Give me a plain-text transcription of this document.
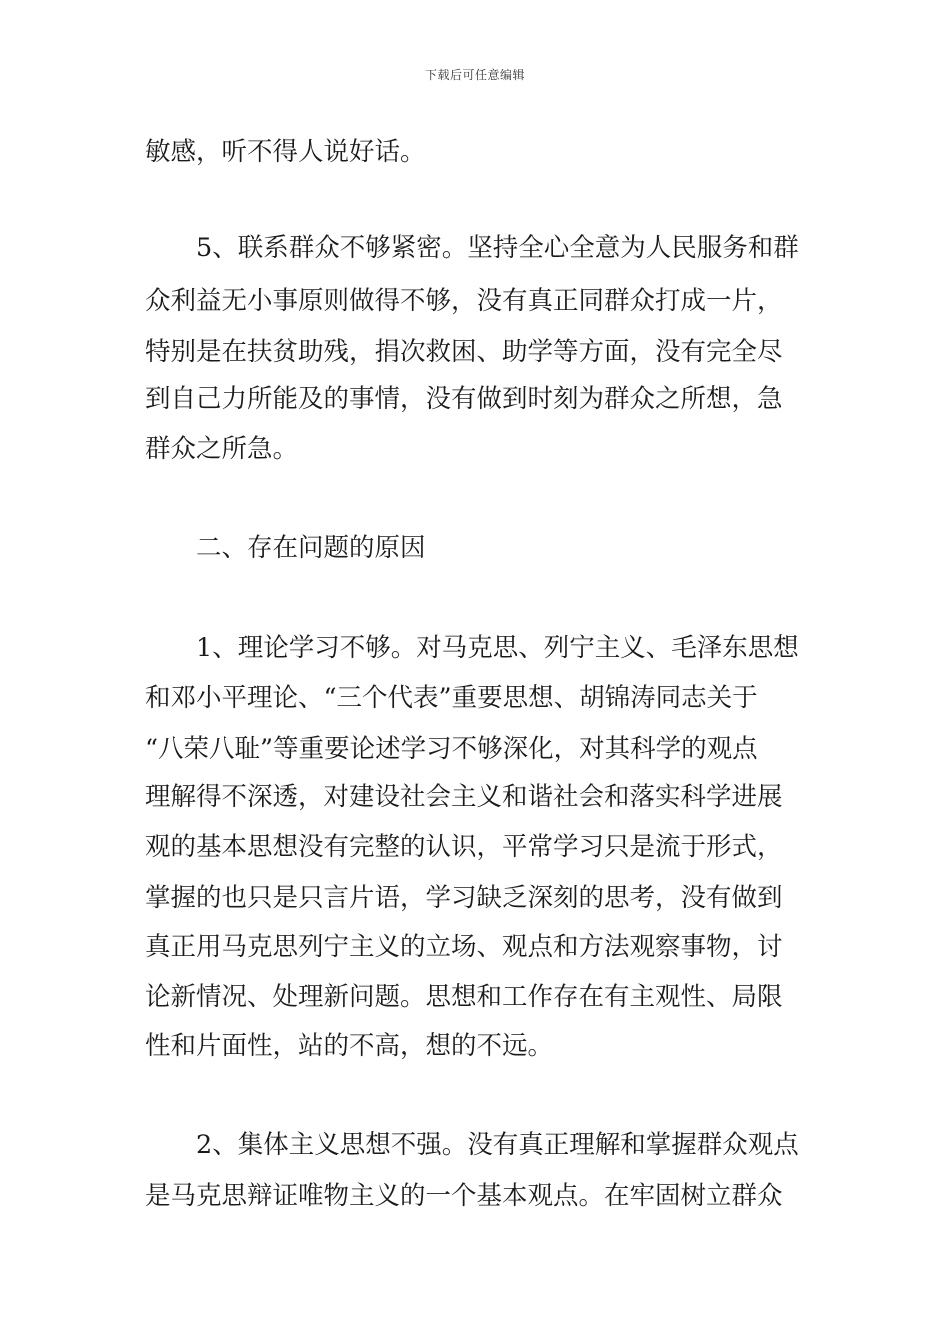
下载后可任意编辑
敏感，听不得人说好话。
5、联系群众不够紧密。坚持全心全意为人民服务和群
众利益无小事原则做得不够，没有真正同群众打成一片，
特别是在扶贫助残，捐次救困、助学等方面，没有完全尽
到自己力所能及的事情，没有做到时刻为群众之所想，急
群众之所急。
二、存在问题的原因
1、理论学习不够。对马克思、列宁主义、毛泽东思想
和邓小平理论、“三个代表”重要思想、胡锦涛同志关于
“八荣八耻”等重要论述学习不够深化，对其科学的观点
理解得不深透，对建设社会主义和谐社会和落实科学进展
观的基本思想没有完整的认识，平常学习只是流于形式，
掌握的也只是只言片语，学习缺乏深刻的思考，没有做到
真正用马克思列宁主义的立场、观点和方法观察事物，讨
论新情况、处理新问题。思想和工作存在有主观性、局限
性和片面性，站的不高，想的不远。
2、集体主义思想不强。没有真正理解和掌握群众观点
是马克思辩证唯物主义的一个基本观点。在牢固树立群众
